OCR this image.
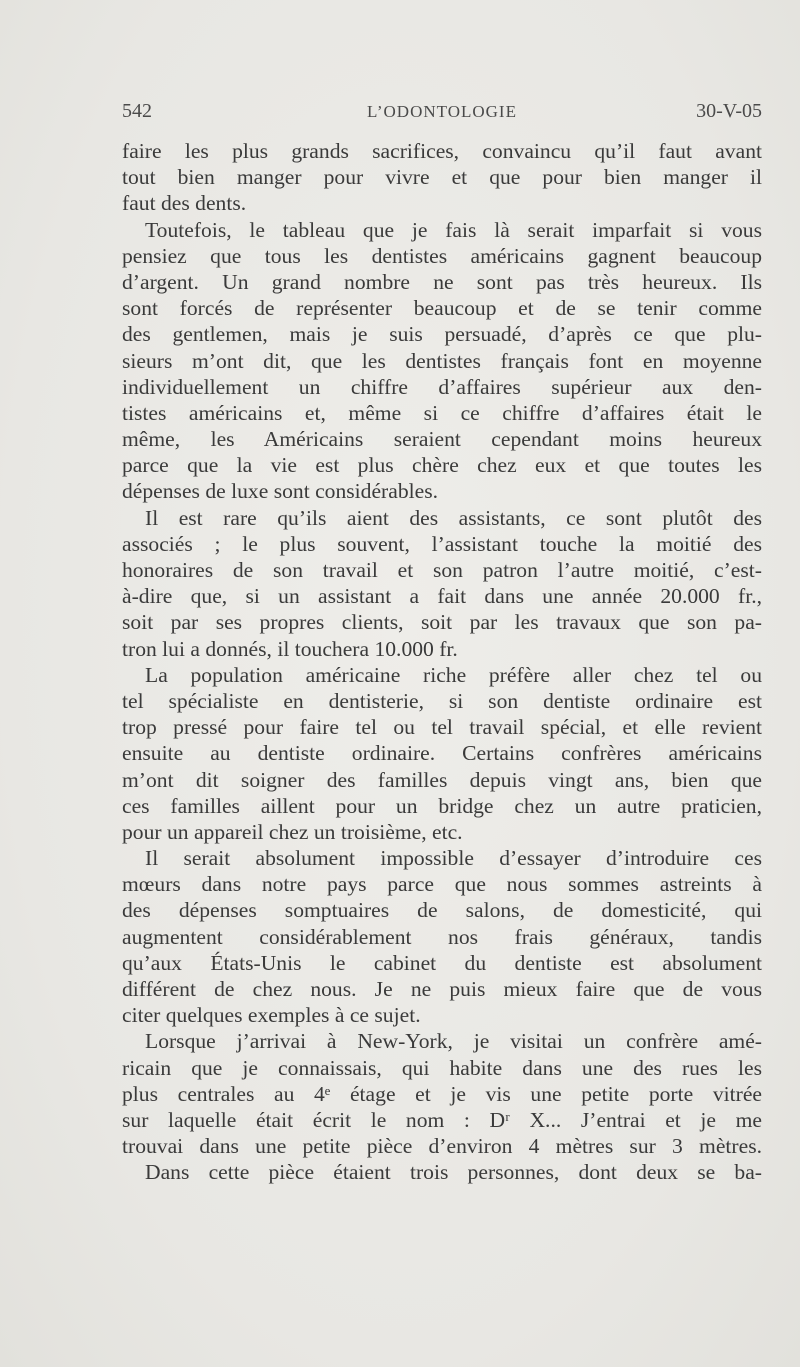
542	L’ODONTOLOGIE	30-V-05
faire les plus grands sacrifices, convaincu qu’il faut avant
tout bien manger pour vivre et que pour bien manger il
faut des dents.
Toutefois, le tableau que je fais là serait imparfait si vous
pensiez que tous les dentistes américains gagnent beaucoup
d’argent. Un grand nombre ne sont pas très heureux. Ils
sont forcés de représenter beaucoup et de se tenir comme
des gentlemen, mais je suis persuadé, d’après ce que plu-
sieurs m’ont dit, que les dentistes français font en moyenne
individuellement un chiffre d’affaires supérieur aux den-
tistes américains et, même si ce chiffre d’affaires était le
même, les Américains seraient cependant moins heureux
parce que la vie est plus chère chez eux et que toutes les
dépenses de luxe sont considérables.
Il est rare qu’ils aient des assistants, ce sont plutôt des
associés ; le plus souvent, l’assistant touche la moitié des
honoraires de son travail et son patron l’autre moitié, c’est-
à-dire que, si un assistant a fait dans une année 20.000 fr.,
soit par ses propres clients, soit par les travaux que son pa-
tron lui a donnés, il touchera 10.000 fr.
La population américaine riche préfère aller chez tel ou
tel spécialiste en dentisterie, si son dentiste ordinaire est
trop pressé pour faire tel ou tel travail spécial, et elle revient
ensuite au dentiste ordinaire. Certains confrères américains
m’ont dit soigner des familles depuis vingt ans, bien que
ces familles aillent pour un bridge chez un autre praticien,
pour un appareil chez un troisième, etc.
Il serait absolument impossible d’essayer d’introduire ces
mœurs dans notre pays parce que nous sommes astreints à
des dépenses somptuaires de salons, de domesticité, qui
augmentent considérablement nos frais généraux, tandis
qu’aux États-Unis le cabinet du dentiste est absolument
différent de chez nous. Je ne puis mieux faire que de vous
citer quelques exemples à ce sujet.
Lorsque j’arrivai à New-York, je visitai un confrère amé-
ricain que je connaissais, qui habite dans une des rues les
plus centrales au 4ᵉ étage et je vis une petite porte vitrée
sur laquelle était écrit le nom : Dʳ X... J’entrai et je me
trouvai dans une petite pièce d’environ 4 mètres sur 3 mètres.
Dans cette pièce étaient trois personnes, dont deux se ba-
